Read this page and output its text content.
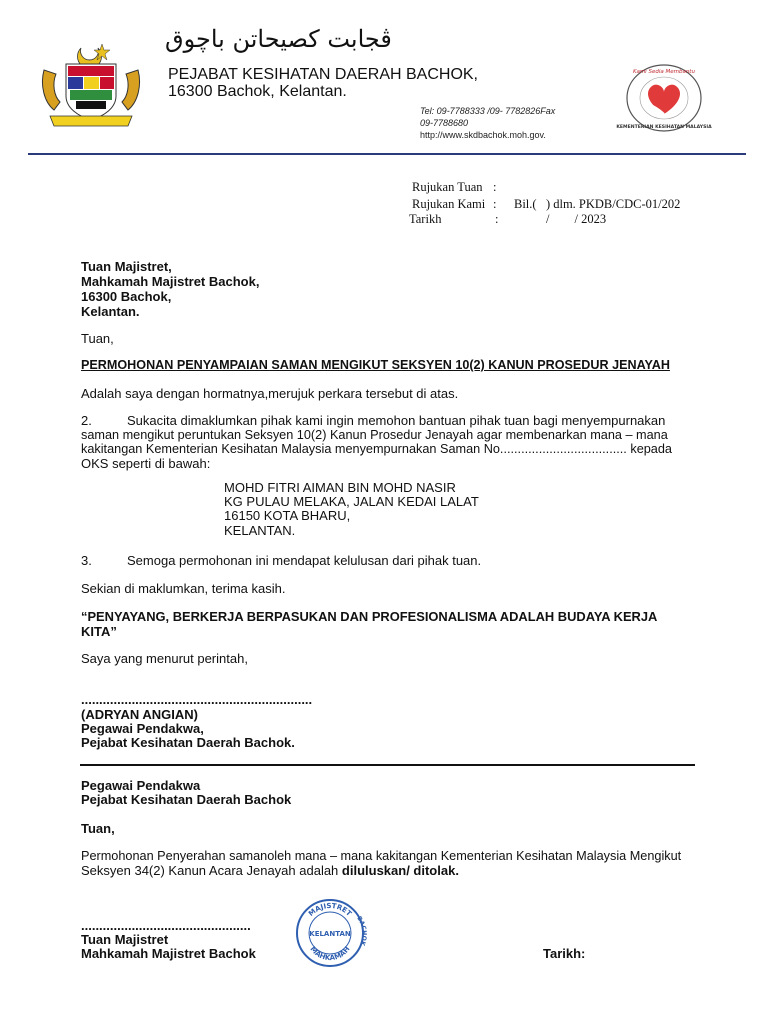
ڤجابت كصيحاتن باچوق
PEJABAT KESIHATAN DAERAH BACHOK,
16300 Bachok, Kelantan.
Tel: 09-7788333 /09- 7782826Fax
09-7788680
http://www.skdbachok.moh.gov.
Kami Sedia Membantu
KEMENTERIAN KESIHATAN MALAYSIA
Rujukan Tuan :
Rujukan Kami : Bil.(   ) dlm. PKDB/CDC-01/202
Tarikh	:	/        / 2023
Tuan Majistret,
Mahkamah Majistret Bachok,
16300 Bachok,
Kelantan.
Tuan,
PERMOHONAN PENYAMPAIAN SAMAN MENGIKUT SEKSYEN 10(2) KANUN PROSEDUR JENAYAH
Adalah saya dengan hormatnya,merujuk perkara tersebut di atas.
2.	Sukacita dimaklumkan pihak kami ingin memohon bantuan pihak tuan bagi menyempurnakan
saman mengikut peruntukan Seksyen 10(2) Kanun Prosedur Jenayah agar membenarkan mana – mana
kakitangan Kementerian Kesihatan Malaysia menyempurnakan Saman No.................................... kepada
OKS seperti di bawah:
MOHD FITRI AIMAN BIN MOHD NASIR
KG PULAU MELAKA, JALAN KEDAI LALAT
16150 KOTA BHARU,
KELANTAN.
3.	Semoga permohonan ini mendapat kelulusan dari pihak tuan.
Sekian di maklumkan, terima kasih.
“PENYAYANG, BERKERJA BERPASUKAN DAN PROFESIONALISMA ADALAH BUDAYA KERJA
KITA”
Saya yang menurut perintah,
................................................................
(ADRYAN ANGIAN)
Pegawai Pendakwa,
Pejabat Kesihatan Daerah Bachok.
Pegawai Pendakwa
Pejabat Kesihatan Daerah Bachok
Tuan,
Permohonan Penyerahan samanoleh mana – mana kakitangan Kementerian Kesihatan Malaysia Mengikut
Seksyen 34(2) Kanun Acara Jenayah adalah diluluskan/ ditolak.
...............................................
Tuan Majistret
Mahkamah Majistret Bachok
MAJISTRET
MAHKAMAH
BACHOK
KELANTAN
Tarikh:
